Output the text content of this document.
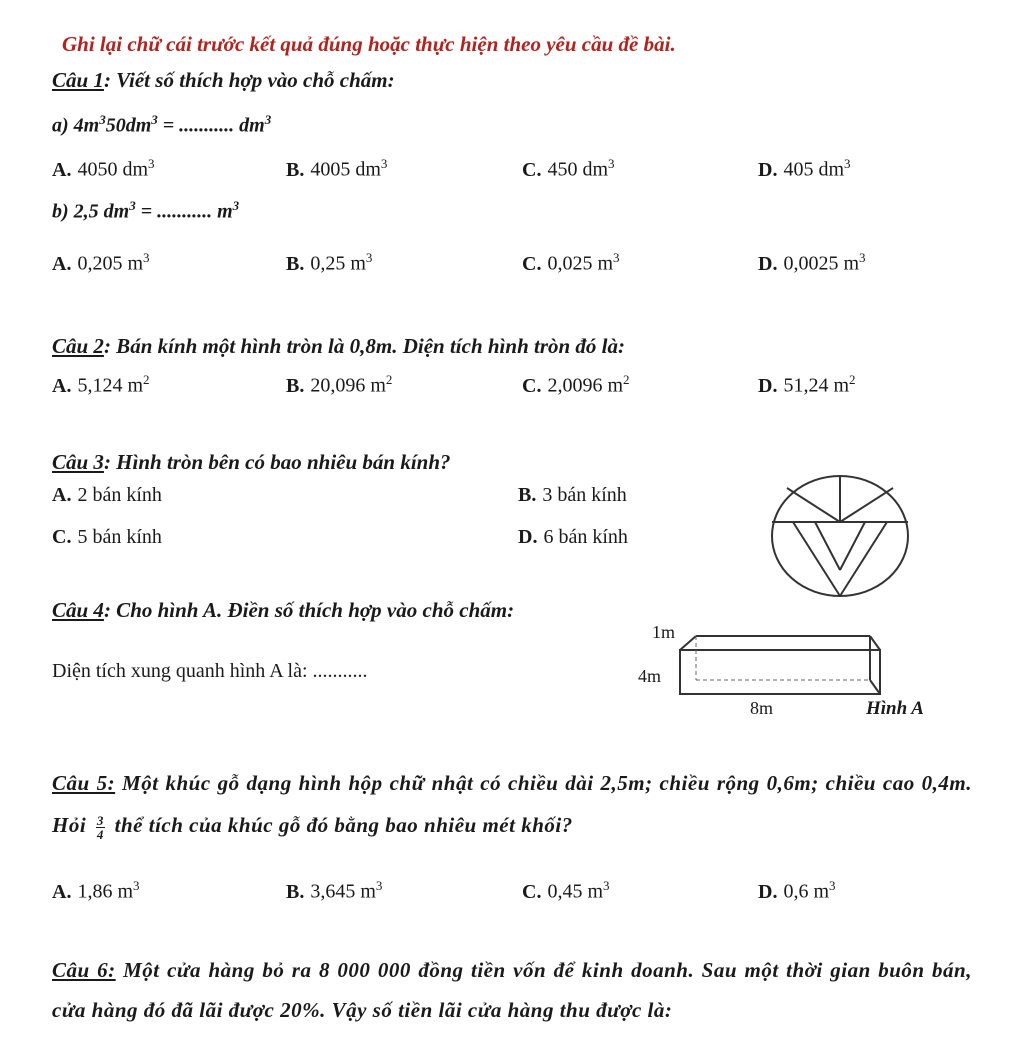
Ghi lại chữ cái trước kết quả đúng hoặc thực hiện theo yêu cầu đề bài.
Câu 1: Viết số thích hợp vào chỗ chấm:
a) $4m^350dm^3$ = ........... $dm^3$
A. 4050 $dm^3$	B. 4005 $dm^3$	C. 450 $dm^3$	D. 405 $dm^3$
b) 2,5 $dm^3$ = ........... $m^3$
A. 0,205 $m^3$	B. 0,25 $m^3$	C. 0,025 $m^3$	D. 0,0025 $m^3$
Câu 2: Bán kính một hình tròn là 0,8m. Diện tích hình tròn đó là:
A. 5,124 $m^2$	B. 20,096 $m^2$	C. 2,0096 $m^2$	D. 51,24 $m^2$
Câu 3: Hình tròn bên có bao nhiêu bán kính?
A. 2 bán kính	B. 3 bán kính
C. 5 bán kính	D. 6 bán kính
Câu 4: Cho hình A. Điền số thích hợp vào chỗ chấm:
Diện tích xung quanh hình A là: ...........
1m
4m
8m	Hình A
Câu 5: Một khúc gỗ dạng hình hộp chữ nhật có chiều dài 2,5m; chiều rộng 0,6m; chiều cao 0,4m. Hỏi $\frac{3}{4}$ thể tích của khúc gỗ đó bằng bao nhiêu mét khối?
A. 1,86 $m^3$	B. 3,645 $m^3$	C. 0,45 $m^3$	D. 0,6 $m^3$
Câu 6: Một cửa hàng bỏ ra 8 000 000 đồng tiền vốn để kinh doanh. Sau một thời gian buôn bán, cửa hàng đó đã lãi được 20%. Vậy số tiền lãi cửa hàng thu được là:
